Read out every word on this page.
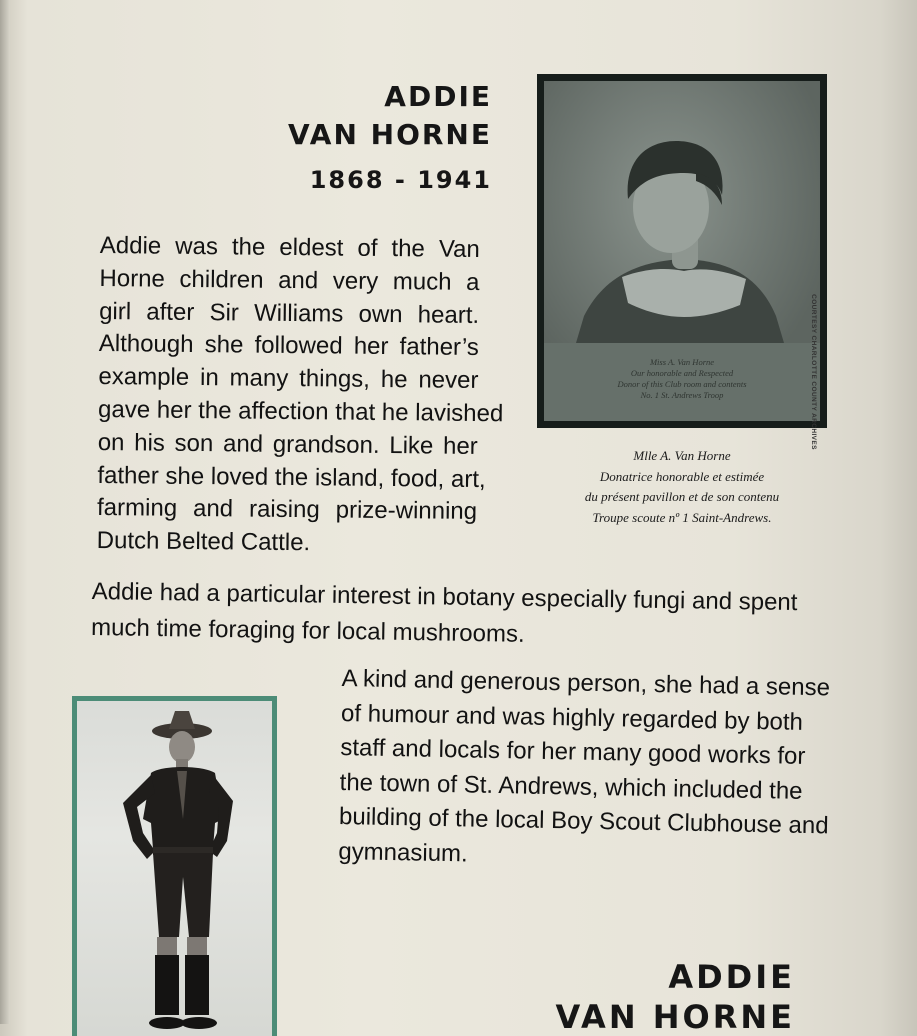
ADDIE
VAN HORNE
1868 - 1941
Addie was the eldest of the Van
Horne children and very much a
girl after Sir Williams own heart.
Although she followed her father’s
example in many things, he never
gave her the affection that he lavished
on his son and grandson. Like her
father she loved the island, food, art,
farming and raising prize-winning
Dutch Belted Cattle.
Miss A. Van Horne
Our honorable and Respected
Donor of this Club room and contents
No. 1 St. Andrews Troop	COURTESY CHARLOTTE COUNTY ARCHIVES
Mlle A. Van Horne
Donatrice honorable et estimée
du présent pavillon et de son contenu
Troupe scoute nº 1 Saint-Andrews.
Addie had a particular interest in botany especially fungi and spent
much time foraging for local mushrooms.
A kind and generous person, she had a sense
of humour and was highly regarded by both
staff and locals for her many good works for
the town of St. Andrews, which included the
building of the local Boy Scout Clubhouse and
gymnasium.
ADDIE
VAN HORNE
